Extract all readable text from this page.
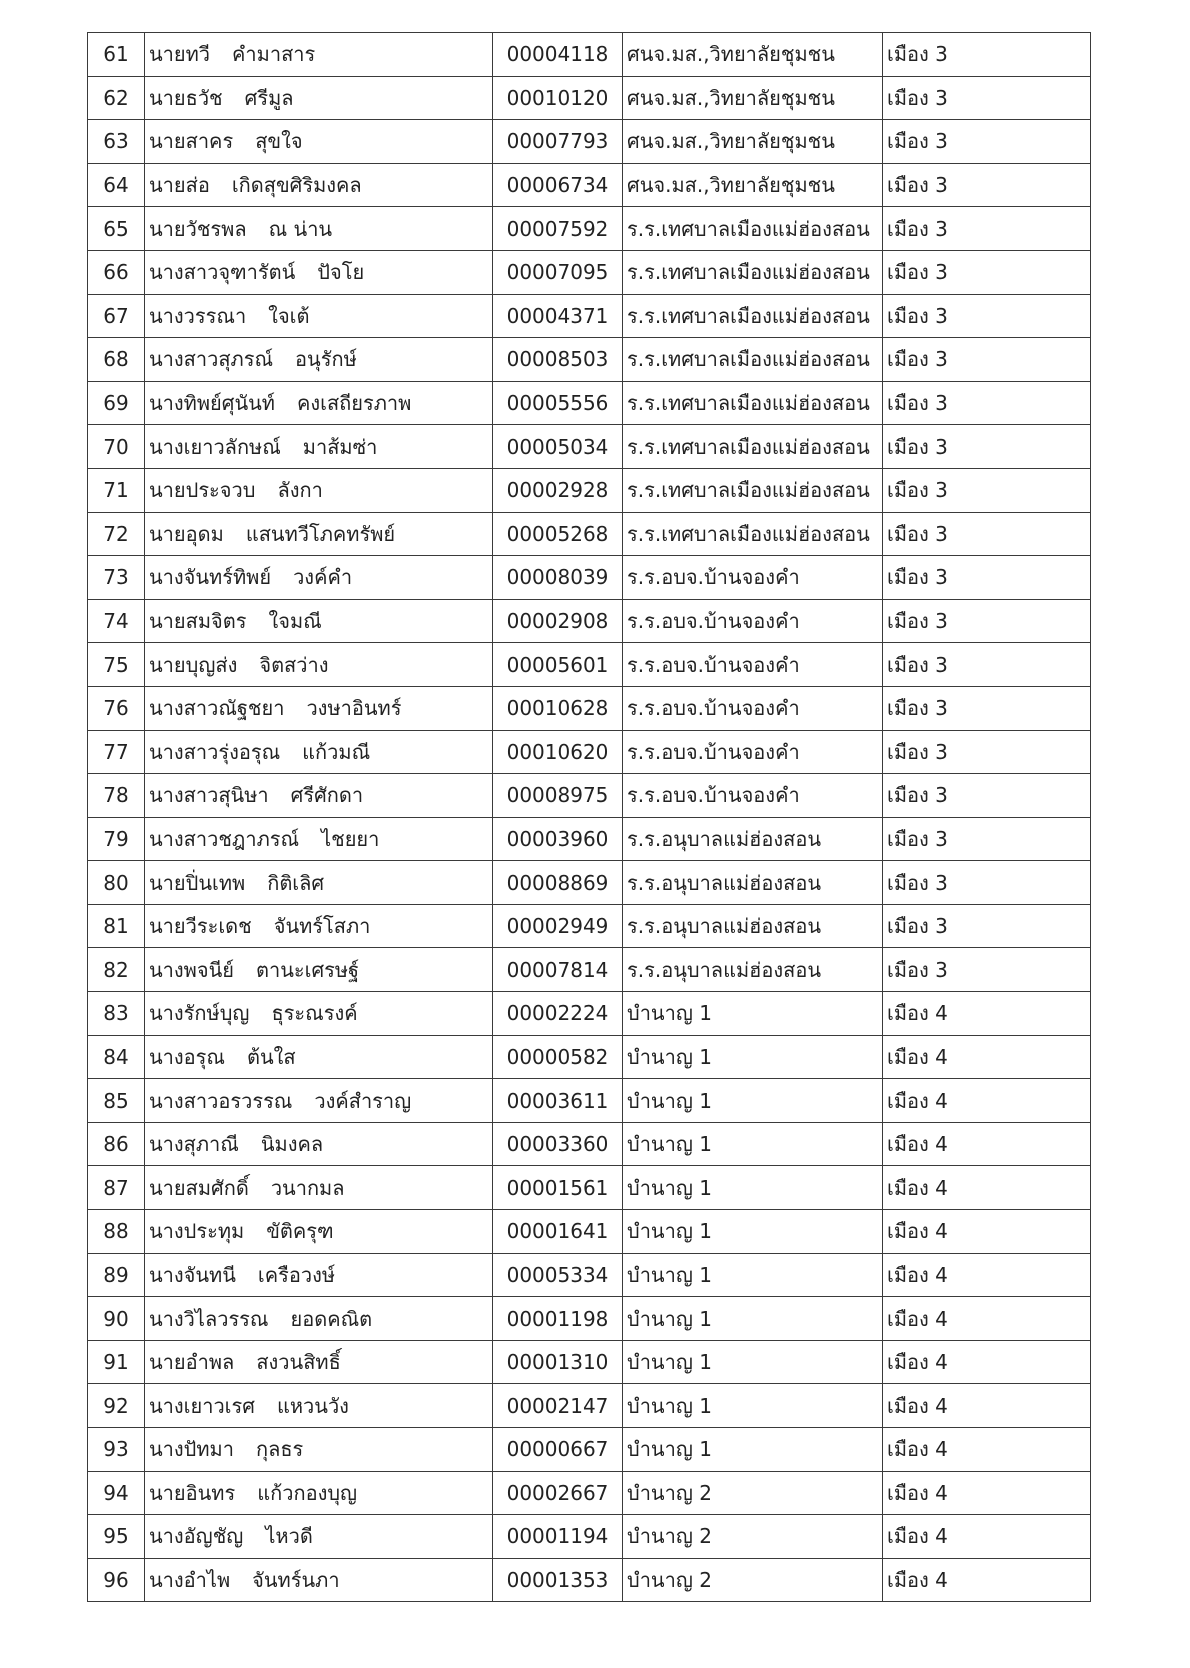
61	นายทวี คำมาสาร	00004118	ศนจ.มส.,วิทยาลัยชุมชน	เมือง 3
62	นายธวัช ศรีมูล	00010120	ศนจ.มส.,วิทยาลัยชุมชน	เมือง 3
63	นายสาคร สุขใจ	00007793	ศนจ.มส.,วิทยาลัยชุมชน	เมือง 3
64	นายส่อ เกิดสุขศิริมงคล	00006734	ศนจ.มส.,วิทยาลัยชุมชน	เมือง 3
65	นายวัชรพล ณ น่าน	00007592	ร.ร.เทศบาลเมืองแม่ฮ่องสอน	เมือง 3
66	นางสาวจุฑารัตน์ ปัจโย	00007095	ร.ร.เทศบาลเมืองแม่ฮ่องสอน	เมือง 3
67	นางวรรณา ใจเต้	00004371	ร.ร.เทศบาลเมืองแม่ฮ่องสอน	เมือง 3
68	นางสาวสุภรณ์ อนุรักษ์	00008503	ร.ร.เทศบาลเมืองแม่ฮ่องสอน	เมือง 3
69	นางทิพย์ศุนันท์ คงเสถียรภาพ	00005556	ร.ร.เทศบาลเมืองแม่ฮ่องสอน	เมือง 3
70	นางเยาวลักษณ์ มาส้มซ่า	00005034	ร.ร.เทศบาลเมืองแม่ฮ่องสอน	เมือง 3
71	นายประจวบ ลังกา	00002928	ร.ร.เทศบาลเมืองแม่ฮ่องสอน	เมือง 3
72	นายอุดม แสนทวีโภคทรัพย์	00005268	ร.ร.เทศบาลเมืองแม่ฮ่องสอน	เมือง 3
73	นางจันทร์ทิพย์ วงค์คำ	00008039	ร.ร.อบจ.บ้านจองคำ	เมือง 3
74	นายสมจิตร ใจมณี	00002908	ร.ร.อบจ.บ้านจองคำ	เมือง 3
75	นายบุญส่ง จิตสว่าง	00005601	ร.ร.อบจ.บ้านจองคำ	เมือง 3
76	นางสาวณัฐชยา วงษาอินทร์	00010628	ร.ร.อบจ.บ้านจองคำ	เมือง 3
77	นางสาวรุ่งอรุณ แก้วมณี	00010620	ร.ร.อบจ.บ้านจองคำ	เมือง 3
78	นางสาวสุนิษา ศรีศักดา	00008975	ร.ร.อบจ.บ้านจองคำ	เมือง 3
79	นางสาวชฎาภรณ์ ไชยยา	00003960	ร.ร.อนุบาลแม่ฮ่องสอน	เมือง 3
80	นายปิ่นเทพ กิติเลิศ	00008869	ร.ร.อนุบาลแม่ฮ่องสอน	เมือง 3
81	นายวีระเดช จันทร์โสภา	00002949	ร.ร.อนุบาลแม่ฮ่องสอน	เมือง 3
82	นางพจนีย์ ตานะเศรษฐ์	00007814	ร.ร.อนุบาลแม่ฮ่องสอน	เมือง 3
83	นางรักษ์บุญ ธุระณรงค์	00002224	บำนาญ 1	เมือง 4
84	นางอรุณ ต้นใส	00000582	บำนาญ 1	เมือง 4
85	นางสาวอรวรรณ วงค์สำราญ	00003611	บำนาญ 1	เมือง 4
86	นางสุภาณี นิมงคล	00003360	บำนาญ 1	เมือง 4
87	นายสมศักดิ์ วนากมล	00001561	บำนาญ 1	เมือง 4
88	นางประทุม ขัติครุฑ	00001641	บำนาญ 1	เมือง 4
89	นางจันทนี เครือวงษ์	00005334	บำนาญ 1	เมือง 4
90	นางวิไลวรรณ ยอดคณิต	00001198	บำนาญ 1	เมือง 4
91	นายอำพล สงวนสิทธิ์	00001310	บำนาญ 1	เมือง 4
92	นางเยาวเรศ แหวนวัง	00002147	บำนาญ 1	เมือง 4
93	นางปัทมา กุลธร	00000667	บำนาญ 1	เมือง 4
94	นายอินทร แก้วกองบุญ	00002667	บำนาญ 2	เมือง 4
95	นางอัญชัญ ไหวดี	00001194	บำนาญ 2	เมือง 4
96	นางอำไพ จันทร์นภา	00001353	บำนาญ 2	เมือง 4
